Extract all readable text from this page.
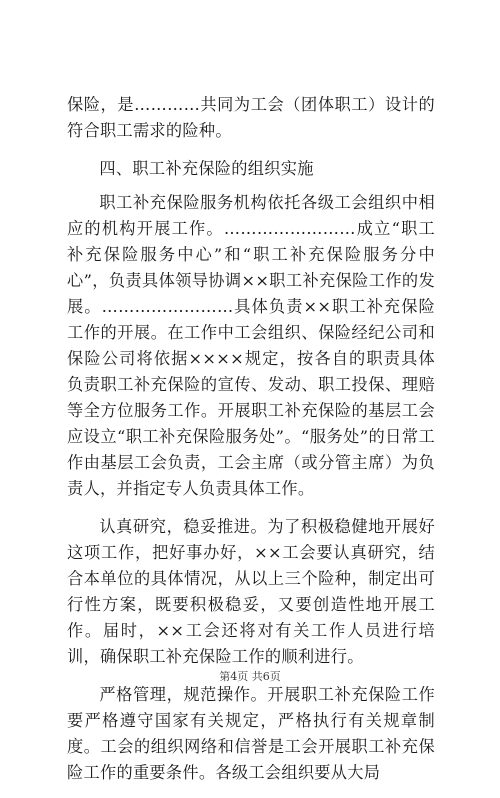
保险，是…………共同为工会（团体职工）设计的符合职工需求的险种。

四、职工补充保险的组织实施

职工补充保险服务机构依托各级工会组织中相应的机构开展工作。……………………成立“职工补充保险服务中心”和“职工补充保险服务分中心”，负责具体领导协调××职工补充保险工作的发展。……………………具体负责××职工补充保险工作的开展。在工作中工会组织、保险经纪公司和保险公司将依据××××规定，按各自的职责具体负责职工补充保险的宣传、发动、职工投保、理赔等全方位服务工作。开展职工补充保险的基层工会应设立“职工补充保险服务处”。“服务处”的日常工作由基层工会负责，工会主席（或分管主席）为负责人，并指定专人负责具体工作。

认真研究，稳妥推进。为了积极稳健地开展好这项工作，把好事办好，××工会要认真研究，结合本单位的具体情况，从以上三个险种，制定出可行性方案，既要积极稳妥，又要创造性地开展工作。届时，××工会还将对有关工作人员进行培训，确保职工补充保险工作的顺利进行。

严格管理，规范操作。开展职工补充保险工作要严格遵守国家有关规定，严格执行有关规章制度。工会的组织网络和信誉是工会开展职工补充保险工作的重要条件。各级工会组织要从大局

第4页 共6页
